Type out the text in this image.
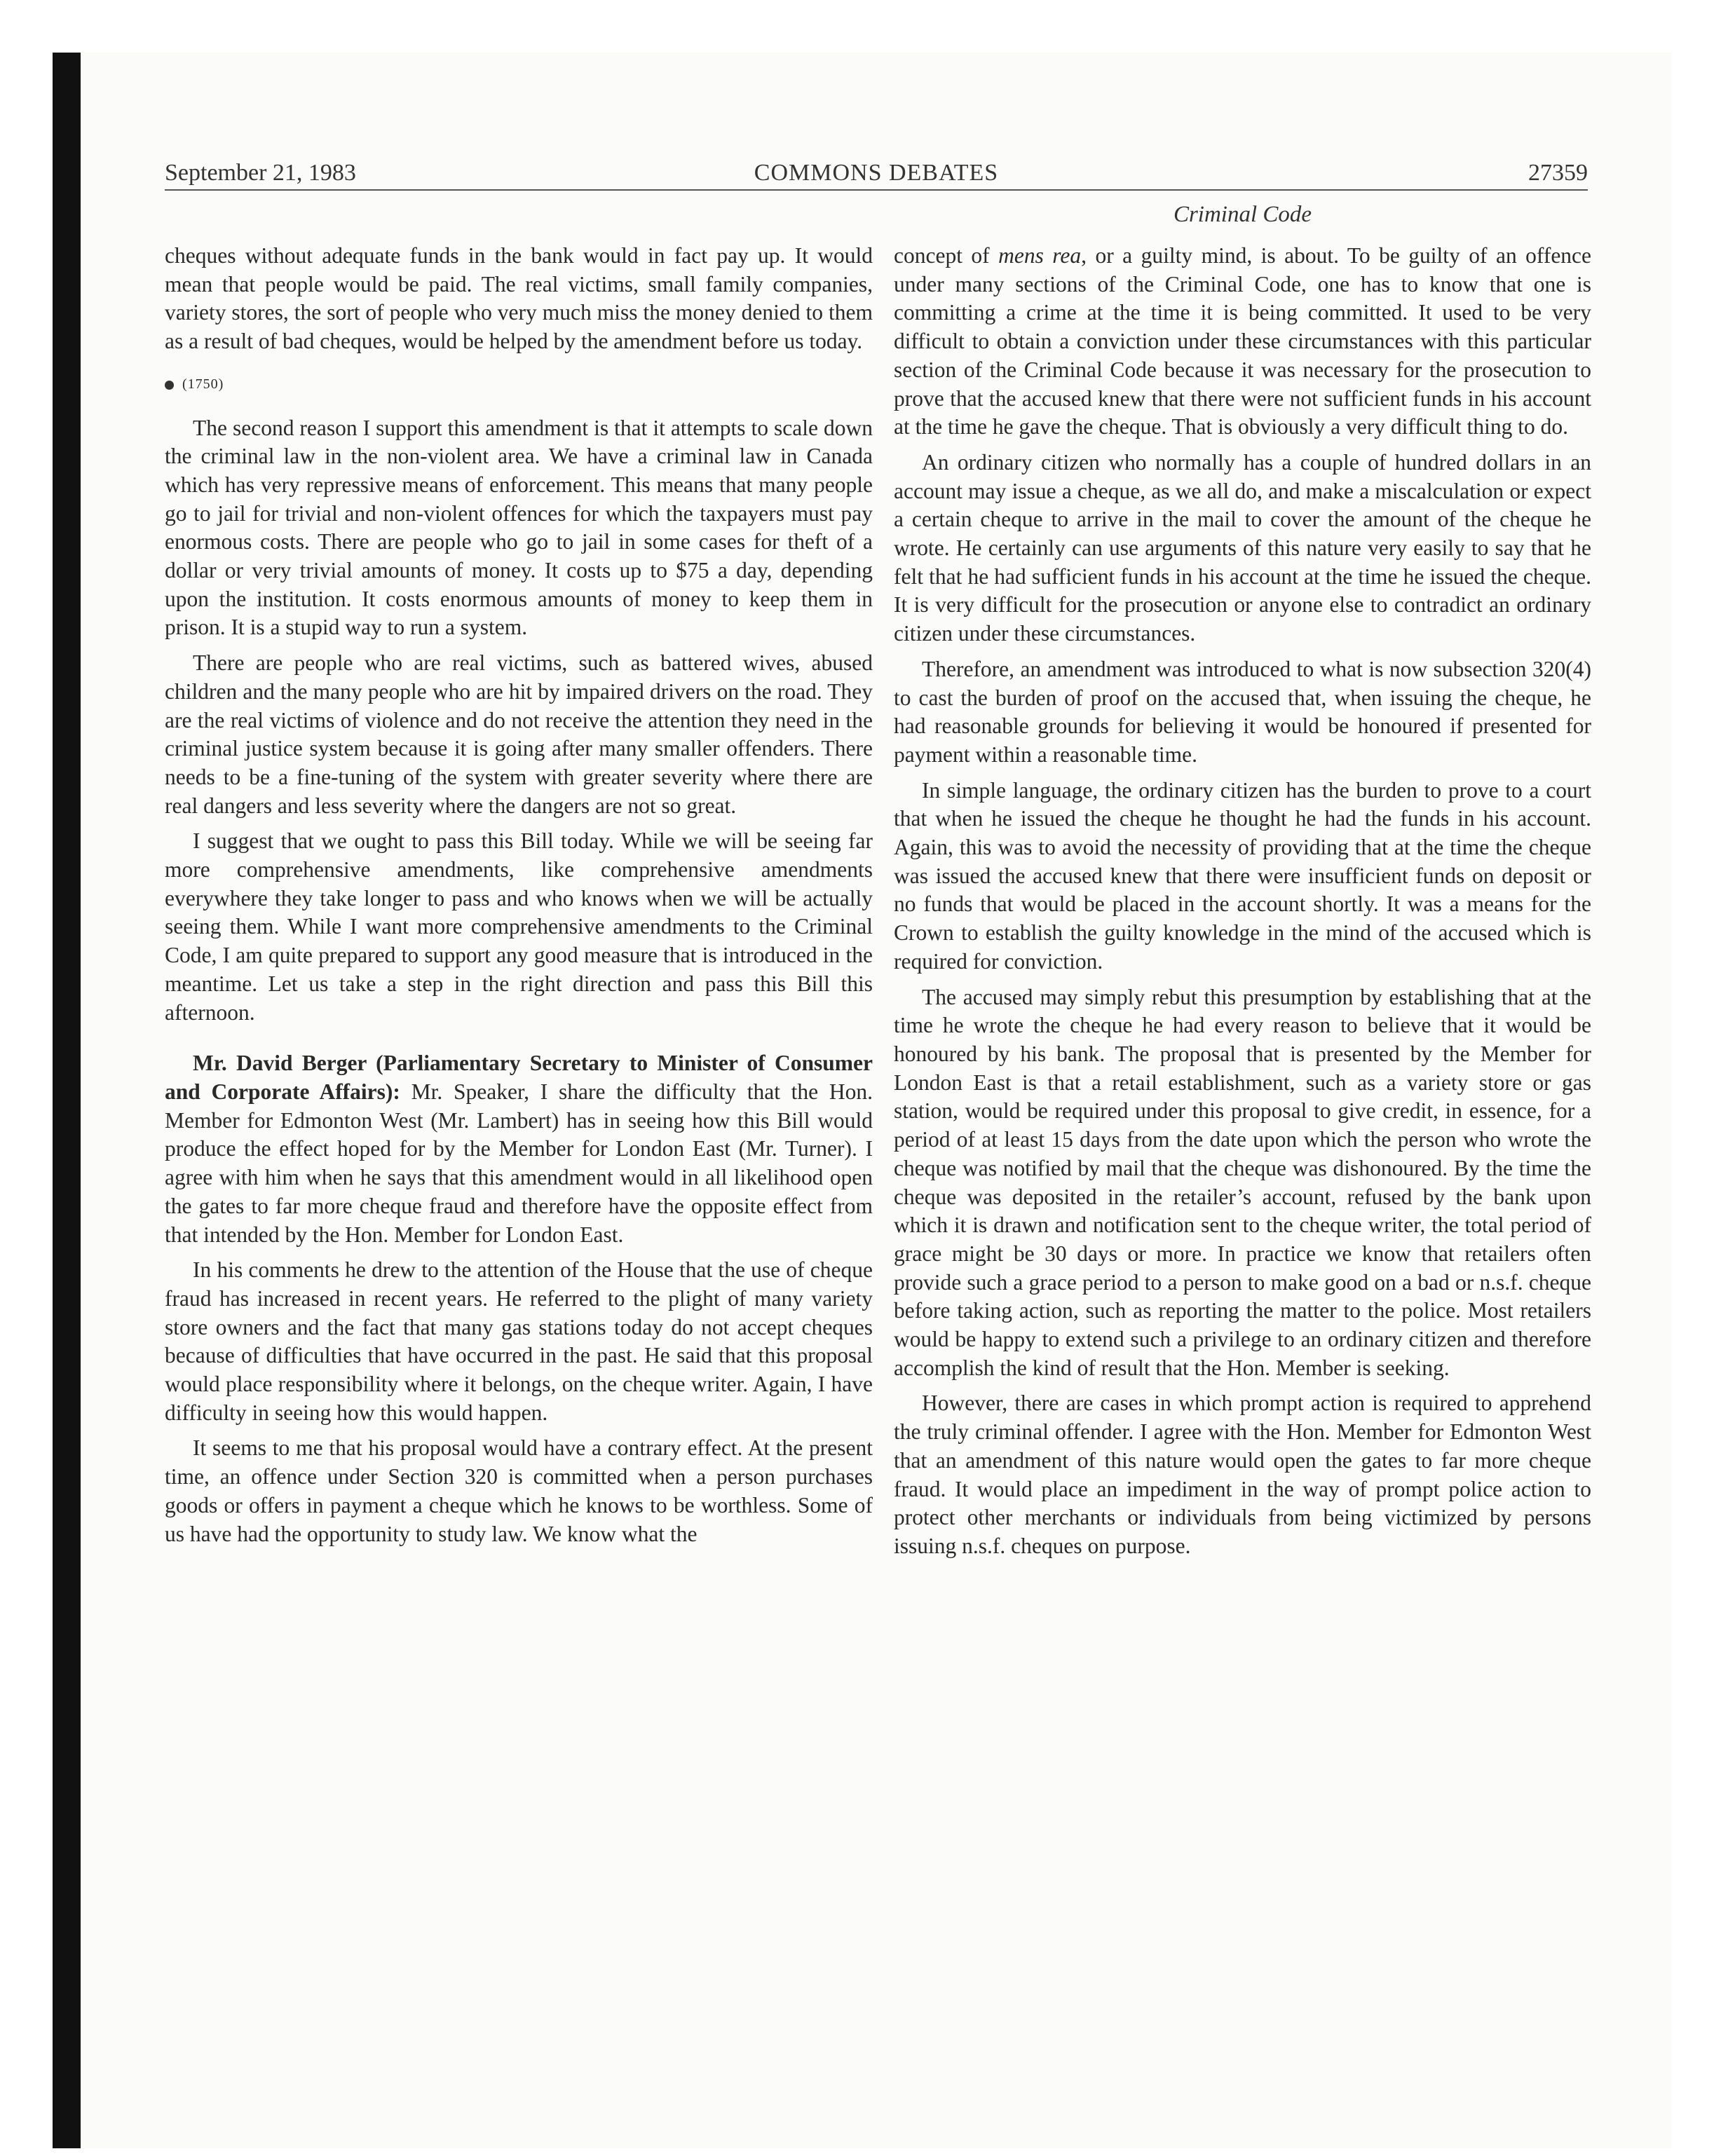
September 21, 1983	COMMONS DEBATES	27359
Criminal Code

cheques without adequate funds in the bank would in fact pay up. It would mean that people would be paid. The real victims, small family companies, variety stores, the sort of people who very much miss the money denied to them as a result of bad cheques, would be helped by the amendment before us today.

(1750)

The second reason I support this amendment is that it attempts to scale down the criminal law in the non-violent area. We have a criminal law in Canada which has very repressive means of enforcement. This means that many people go to jail for trivial and non-violent offences for which the taxpayers must pay enormous costs. There are people who go to jail in some cases for theft of a dollar or very trivial amounts of money. It costs up to $75 a day, depending upon the institution. It costs enormous amounts of money to keep them in prison. It is a stupid way to run a system.

There are people who are real victims, such as battered wives, abused children and the many people who are hit by impaired drivers on the road. They are the real victims of violence and do not receive the attention they need in the criminal justice system because it is going after many smaller offenders. There needs to be a fine-tuning of the system with greater severity where there are real dangers and less severity where the dangers are not so great.

I suggest that we ought to pass this Bill today. While we will be seeing far more comprehensive amendments, like comprehensive amendments everywhere they take longer to pass and who knows when we will be actually seeing them. While I want more comprehensive amendments to the Criminal Code, I am quite prepared to support any good measure that is introduced in the meantime. Let us take a step in the right direction and pass this Bill this afternoon.

Mr. David Berger (Parliamentary Secretary to Minister of Consumer and Corporate Affairs): Mr. Speaker, I share the difficulty that the Hon. Member for Edmonton West (Mr. Lambert) has in seeing how this Bill would produce the effect hoped for by the Member for London East (Mr. Turner). I agree with him when he says that this amendment would in all likelihood open the gates to far more cheque fraud and therefore have the opposite effect from that intended by the Hon. Member for London East.

In his comments he drew to the attention of the House that the use of cheque fraud has increased in recent years. He referred to the plight of many variety store owners and the fact that many gas stations today do not accept cheques because of difficulties that have occurred in the past. He said that this proposal would place responsibility where it belongs, on the cheque writer. Again, I have difficulty in seeing how this would happen.

It seems to me that his proposal would have a contrary effect. At the present time, an offence under Section 320 is committed when a person purchases goods or offers in payment a cheque which he knows to be worthless. Some of us have had the opportunity to study law. We know what the

concept of mens rea, or a guilty mind, is about. To be guilty of an offence under many sections of the Criminal Code, one has to know that one is committing a crime at the time it is being committed. It used to be very difficult to obtain a conviction under these circumstances with this particular section of the Criminal Code because it was necessary for the prosecution to prove that the accused knew that there were not sufficient funds in his account at the time he gave the cheque. That is obviously a very difficult thing to do.

An ordinary citizen who normally has a couple of hundred dollars in an account may issue a cheque, as we all do, and make a miscalculation or expect a certain cheque to arrive in the mail to cover the amount of the cheque he wrote. He certainly can use arguments of this nature very easily to say that he felt that he had sufficient funds in his account at the time he issued the cheque. It is very difficult for the prosecution or anyone else to contradict an ordinary citizen under these circumstances.

Therefore, an amendment was introduced to what is now subsection 320(4) to cast the burden of proof on the accused that, when issuing the cheque, he had reasonable grounds for believing it would be honoured if presented for payment within a reasonable time.

In simple language, the ordinary citizen has the burden to prove to a court that when he issued the cheque he thought he had the funds in his account. Again, this was to avoid the necessity of providing that at the time the cheque was issued the accused knew that there were insufficient funds on deposit or no funds that would be placed in the account shortly. It was a means for the Crown to establish the guilty knowledge in the mind of the accused which is required for conviction.

The accused may simply rebut this presumption by establishing that at the time he wrote the cheque he had every reason to believe that it would be honoured by his bank. The proposal that is presented by the Member for London East is that a retail establishment, such as a variety store or gas station, would be required under this proposal to give credit, in essence, for a period of at least 15 days from the date upon which the person who wrote the cheque was notified by mail that the cheque was dishonoured. By the time the cheque was deposited in the retailer’s account, refused by the bank upon which it is drawn and notification sent to the cheque writer, the total period of grace might be 30 days or more. In practice we know that retailers often provide such a grace period to a person to make good on a bad or n.s.f. cheque before taking action, such as reporting the matter to the police. Most retailers would be happy to extend such a privilege to an ordinary citizen and therefore accomplish the kind of result that the Hon. Member is seeking.

However, there are cases in which prompt action is required to apprehend the truly criminal offender. I agree with the Hon. Member for Edmonton West that an amendment of this nature would open the gates to far more cheque fraud. It would place an impediment in the way of prompt police action to protect other merchants or individuals from being victimized by persons issuing n.s.f. cheques on purpose.
